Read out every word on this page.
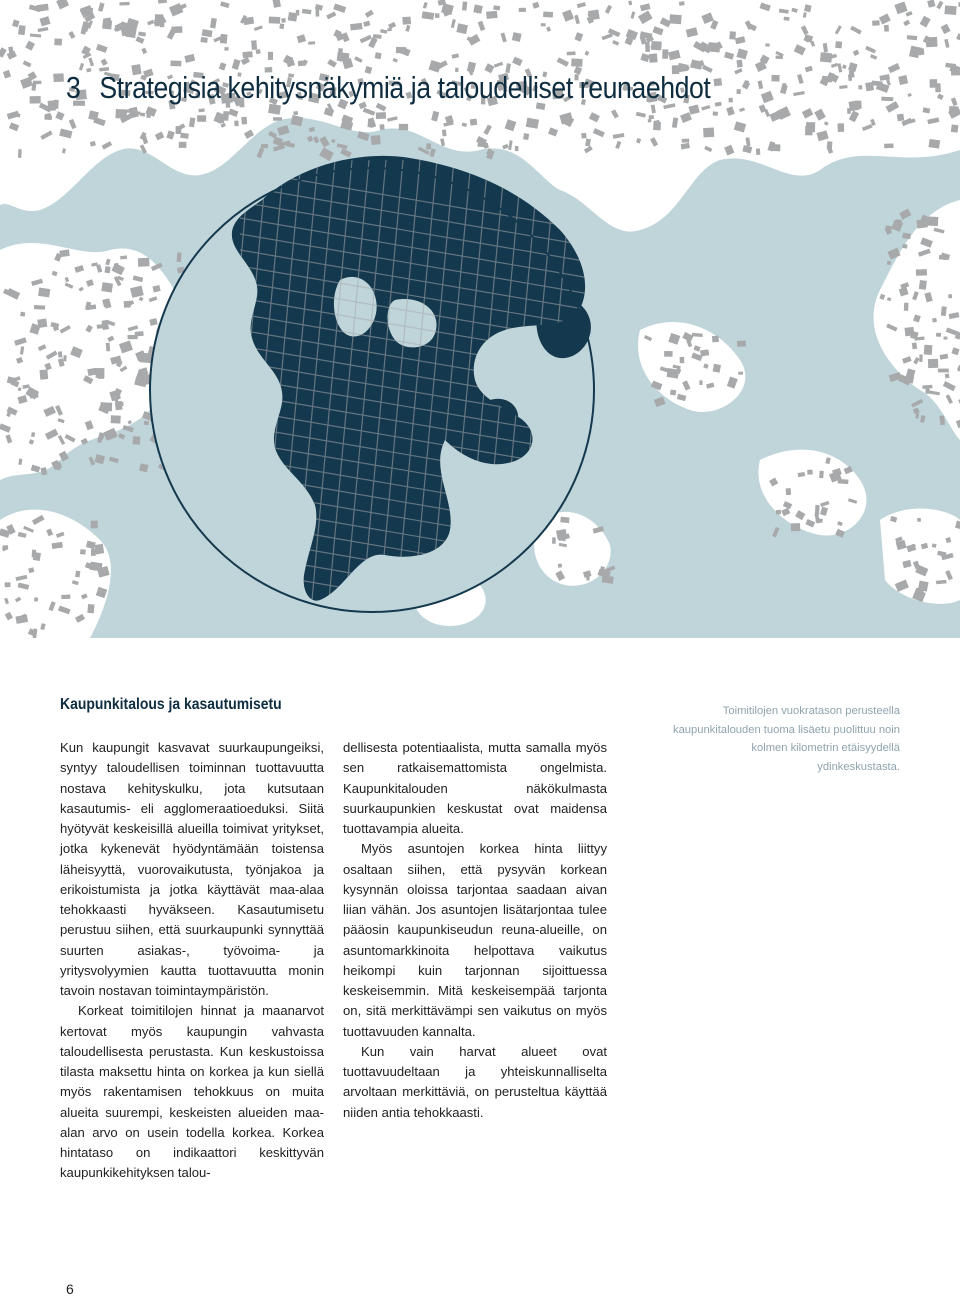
3 Strategisia kehitysnäkymiä ja taloudelliset reunaehdot
Kaupunkitalous ja kasautumisetu

Kun kaupungit kasvavat suurkaupungeiksi, syntyy taloudellisen toiminnan tuottavuutta nostava kehityskulku, jota kutsutaan kasautumis- eli agglomeraatioeduksi. Siitä hyötyvät keskeisillä alueilla toimivat yritykset, jotka kykenevät hyödyntämään toistensa läheisyyttä, vuorovaikutusta, työnjakoa ja erikoistumista ja jotka käyttävät maa-alaa tehokkaasti hyväkseen. Kasautumisetu perustuu siihen, että suurkaupunki synnyttää suurten asiakas-, työvoima- ja yritysvolyymien kautta tuottavuutta monin tavoin nostavan toimintaympäristön.

Korkeat toimitilojen hinnat ja maanarvot kertovat myös kaupungin vahvasta taloudellisesta perustasta. Kun keskustoissa tilasta maksettu hinta on korkea ja kun siellä myös rakentamisen tehokkuus on muita alueita suurempi, keskeisten alueiden maa-alan arvo on usein todella korkea. Korkea hintataso on indikaattori keskittyvän kaupunkikehityksen talou-

dellisesta potentiaalista, mutta samalla myös sen ratkaisemattomista ongelmista. Kaupunkitalouden näkökulmasta suurkaupunkien keskustat ovat maidensa tuottavampia alueita.

Myös asuntojen korkea hinta liittyy osaltaan siihen, että pysyvän korkean kysynnän oloissa tarjontaa saadaan aivan liian vähän. Jos asuntojen lisätarjontaa tulee pääosin kaupunkiseudun reuna-alueille, on asuntomarkkinoita helpottava vaikutus heikompi kuin tarjonnan sijoittuessa keskeisemmin. Mitä keskeisempää tarjonta on, sitä merkittävämpi sen vaikutus on myös tuottavuuden kannalta.

Kun vain harvat alueet ovat tuottavuudeltaan ja yhteiskunnalliselta arvoltaan merkittäviä, on perusteltua käyttää niiden antia tehokkaasti.

Toimitilojen vuokratason perusteella kaupunkitalouden tuoma lisäetu puolittuu noin kolmen kilometrin etäisyydellä ydinkeskustasta.
6
